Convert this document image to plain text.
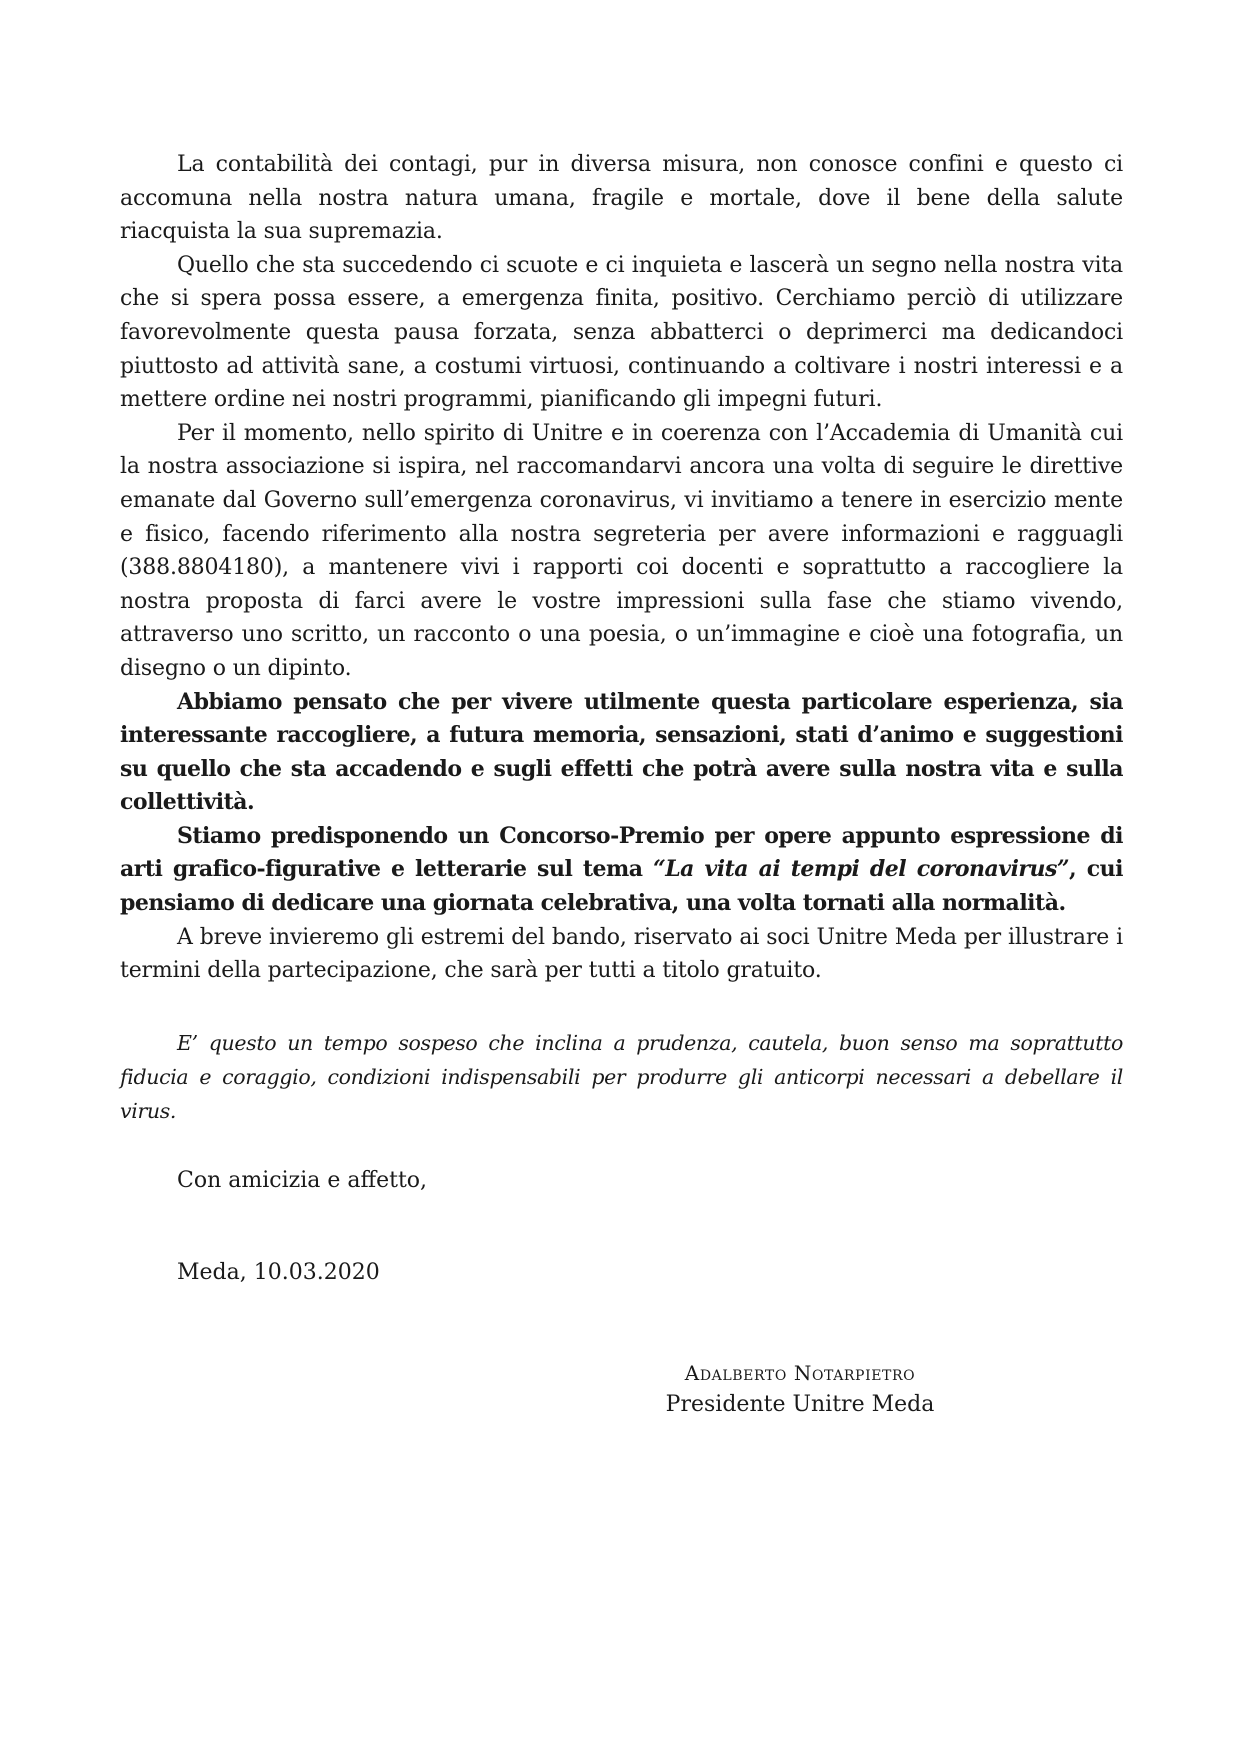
La contabilità dei contagi, pur in diversa misura, non conosce confini e questo ci accomuna nella nostra natura umana, fragile e mortale, dove il bene della salute riacquista la sua supremazia.

Quello che sta succedendo ci scuote e ci inquieta e lascerà un segno nella nostra vita che si spera possa essere, a emergenza finita, positivo. Cerchiamo perciò di utilizzare favorevolmente questa pausa forzata, senza abbatterci o deprimerci ma dedicandoci piuttosto ad attività sane, a costumi virtuosi, continuando a coltivare i nostri interessi e a mettere ordine nei nostri programmi, pianificando gli impegni futuri.

Per il momento, nello spirito di Unitre e in coerenza con l’Accademia di Umanità cui la nostra associazione si ispira, nel raccomandarvi ancora una volta di seguire le direttive emanate dal Governo sull’emergenza coronavirus, vi invitiamo a tenere in esercizio mente e fisico, facendo riferimento alla nostra segreteria per avere informazioni e ragguagli (388.8804180), a mantenere vivi i rapporti coi docenti e soprattutto a raccogliere la nostra proposta di farci avere le vostre impressioni sulla fase che stiamo vivendo, attraverso uno scritto, un racconto o una poesia, o un’immagine e cioè una fotografia, un disegno o un dipinto.

Abbiamo pensato che per vivere utilmente questa particolare esperienza, sia interessante raccogliere, a futura memoria, sensazioni, stati d’animo e suggestioni su quello che sta accadendo e sugli effetti che potrà avere sulla nostra vita e sulla collettività.

Stiamo predisponendo un Concorso-Premio per opere appunto espressione di arti grafico-figurative e letterarie sul tema “La vita ai tempi del coronavirus”, cui pensiamo di dedicare una giornata celebrativa, una volta tornati alla normalità.

A breve invieremo gli estremi del bando, riservato ai soci Unitre Meda per illustrare i termini della partecipazione, che sarà per tutti a titolo gratuito.

E’ questo un tempo sospeso che inclina a prudenza, cautela, buon senso ma soprattutto fiducia e coraggio, condizioni indispensabili per produrre gli anticorpi necessari a debellare il virus.

Con amicizia e affetto,

Meda, 10.03.2020

Adalberto Notarpietro
Presidente Unitre Meda
